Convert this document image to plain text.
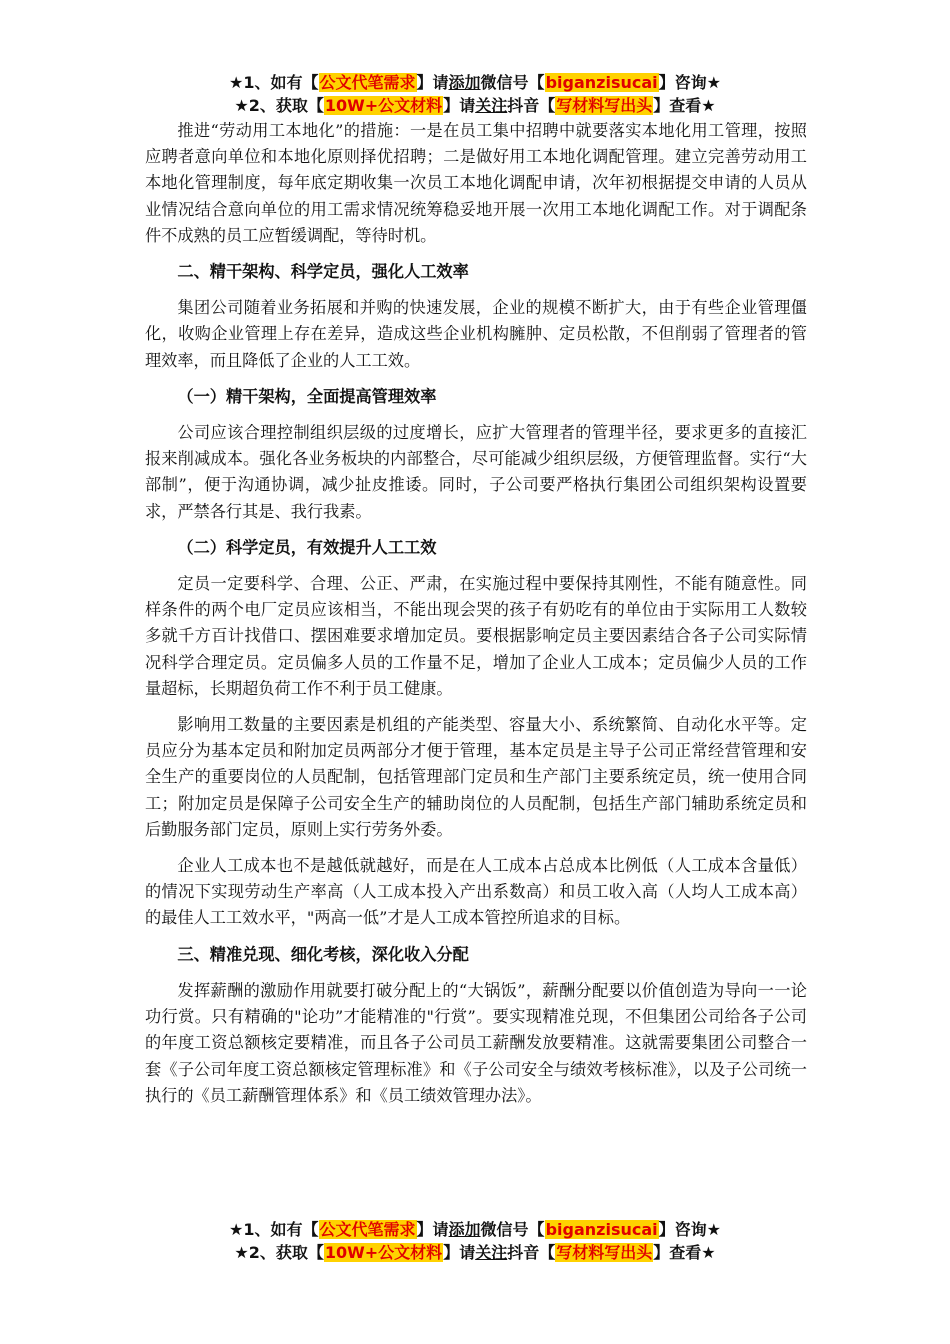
★1、如有【公文代笔需求】请添加微信号【biganzisucai】咨询★
★2、获取【10W+公文材料】请关注抖音【写材料写出头】查看★

推进“劳动用工本地化”的措施：一是在员工集中招聘中就要落实本地化用工管理，按照应聘者意向单位和本地化原则择优招聘；二是做好用工本地化调配管理。建立完善劳动用工本地化管理制度，每年底定期收集一次员工本地化调配申请，次年初根据提交申请的人员从业情况结合意向单位的用工需求情况统筹稳妥地开展一次用工本地化调配工作。对于调配条件不成熟的员工应暂缓调配，等待时机。

二、精干架构、科学定员，强化人工效率

集团公司随着业务拓展和并购的快速发展，企业的规模不断扩大，由于有些企业管理僵化，收购企业管理上存在差异，造成这些企业机构臃肿、定员松散，不但削弱了管理者的管理效率，而且降低了企业的人工工效。

（一）精干架构，全面提高管理效率

公司应该合理控制组织层级的过度增长，应扩大管理者的管理半径，要求更多的直接汇报来削减成本。强化各业务板块的内部整合，尽可能减少组织层级，方便管理监督。实行“大部制”，便于沟通协调，减少扯皮推诿。同时，子公司要严格执行集团公司组织架构设置要求，严禁各行其是、我行我素。

（二）科学定员，有效提升人工工效

定员一定要科学、合理、公正、严肃，在实施过程中要保持其刚性，不能有随意性。同样条件的两个电厂定员应该相当，不能出现会哭的孩子有奶吃有的单位由于实际用工人数较多就千方百计找借口、摆困难要求增加定员。要根据影响定员主要因素结合各子公司实际情况科学合理定员。定员偏多人员的工作量不足，增加了企业人工成本；定员偏少人员的工作量超标，长期超负荷工作不利于员工健康。

影响用工数量的主要因素是机组的产能类型、容量大小、系统繁简、自动化水平等。定员应分为基本定员和附加定员两部分才便于管理，基本定员是主导子公司正常经营管理和安全生产的重要岗位的人员配制，包括管理部门定员和生产部门主要系统定员，统一使用合同工；附加定员是保障子公司安全生产的辅助岗位的人员配制，包括生产部门辅助系统定员和后勤服务部门定员，原则上实行劳务外委。

企业人工成本也不是越低就越好，而是在人工成本占总成本比例低（人工成本含量低）的情况下实现劳动生产率高（人工成本投入产出系数高）和员工收入高（人均人工成本高）的最佳人工工效水平，"两高一低”才是人工成本管控所追求的目标。

三、精准兑现、细化考核，深化收入分配

发挥薪酬的激励作用就要打破分配上的“大锅饭”，薪酬分配要以价值创造为导向一一论功行赏。只有精确的"论功”才能精准的"行赏”。要实现精准兑现，不但集团公司给各子公司的年度工资总额核定要精准，而且各子公司员工薪酬发放要精准。这就需要集团公司整合一套《子公司年度工资总额核定管理标准》和《子公司安全与绩效考核标准》，以及子公司统一执行的《员工薪酬管理体系》和《员工绩效管理办法》。

★1、如有【公文代笔需求】请添加微信号【biganzisucai】咨询★
★2、获取【10W+公文材料】请关注抖音【写材料写出头】查看★
